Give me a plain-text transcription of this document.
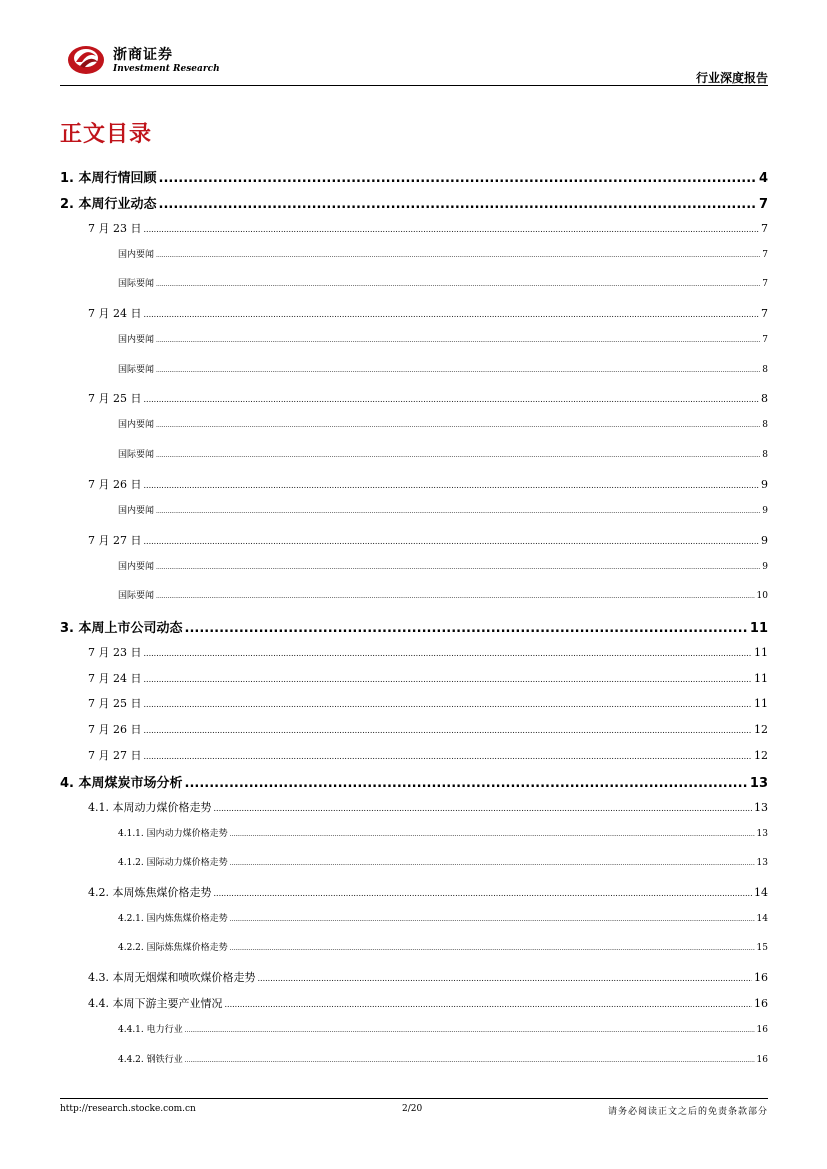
浙商证券
Investment Research
行业深度报告
正文目录
1. 本周行情回顾 .....	4
2. 本周行业动态 .....	7
7 月 23 日 .....	7
国内要闻 .....	7
国际要闻 .....	7
7 月 24 日 .....	7
国内要闻 .....	7
国际要闻 .....	8
7 月 25 日 .....	8
国内要闻 .....	8
国际要闻 .....	8
7 月 26 日 .....	9
国内要闻 .....	9
7 月 27 日 .....	9
国内要闻 .....	9
国际要闻 .....	10
3. 本周上市公司动态 .....	11
7 月 23 日 .....	11
7 月 24 日 .....	11
7 月 25 日 .....	11
7 月 26 日 .....	12
7 月 27 日 .....	12
4. 本周煤炭市场分析 .....	13
4.1. 本周动力煤价格走势 .....	13
4.1.1. 国内动力煤价格走势 .....	13
4.1.2. 国际动力煤价格走势 .....	13
4.2. 本周炼焦煤价格走势 .....	14
4.2.1. 国内炼焦煤价格走势 .....	14
4.2.2. 国际炼焦煤价格走势 .....	15
4.3. 本周无烟煤和喷吹煤价格走势 .....	16
4.4. 本周下游主要产业情况 .....	16
4.4.1. 电力行业 .....	16
4.4.2. 钢铁行业 .....	16
http://research.stocke.com.cn	2/20	请务必阅读正文之后的免责条款部分
